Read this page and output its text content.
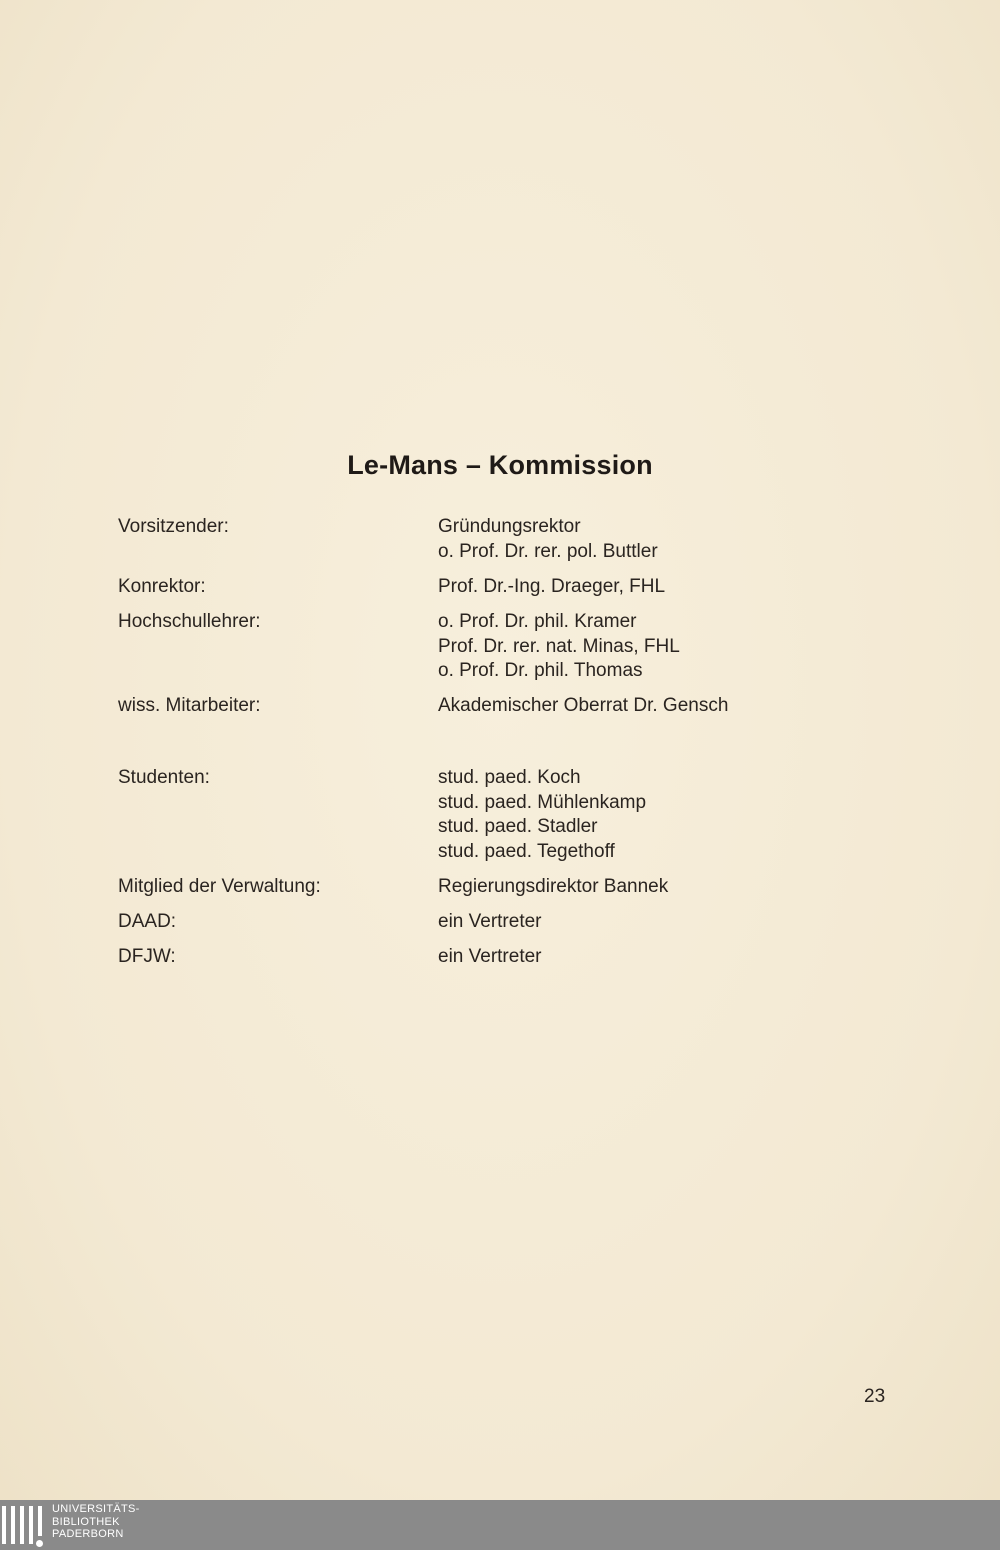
Le-Mans – Kommission
Vorsitzender:	Gründungsrektor
o. Prof. Dr. rer. pol. Buttler
Konrektor:	Prof. Dr.-Ing. Draeger, FHL
Hochschullehrer:	o. Prof. Dr. phil. Kramer
Prof. Dr. rer. nat. Minas, FHL
o. Prof. Dr. phil. Thomas
wiss. Mitarbeiter:	Akademischer Oberrat Dr. Gensch
Studenten:	stud. paed. Koch
stud. paed. Mühlenkamp
stud. paed. Stadler
stud. paed. Tegethoff
Mitglied der Verwaltung:	Regierungsdirektor Bannek
DAAD:	ein Vertreter
DFJW:	ein Vertreter
23
UNIVERSITÄTS-
BIBLIOTHEK
PADERBORN
